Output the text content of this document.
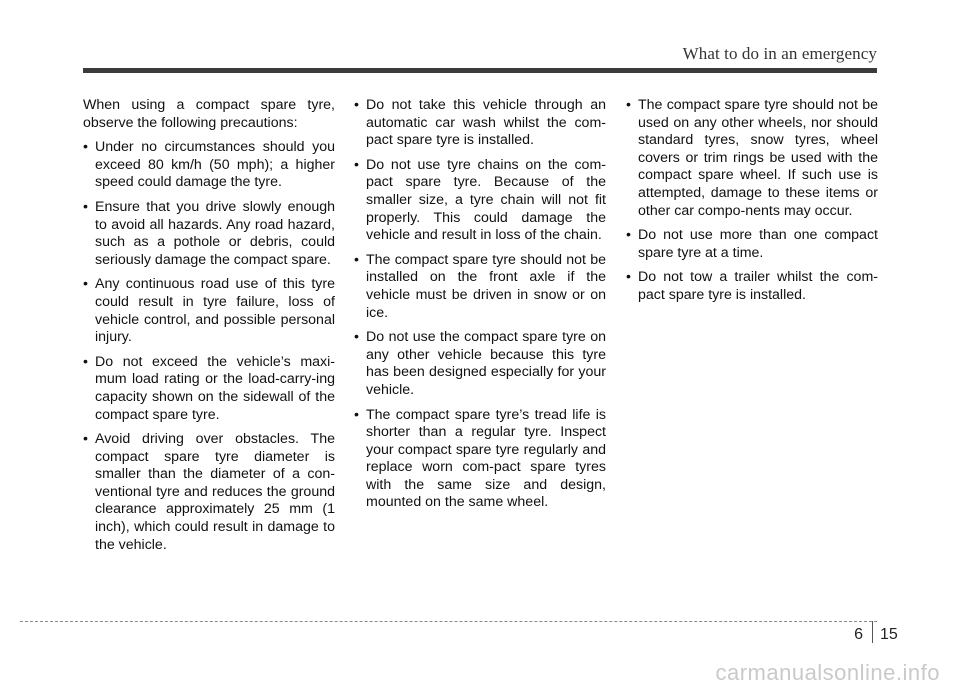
What to do in an emergency

When using a compact spare tyre, observe the following precautions:

• Under no circumstances should you exceed 80 km/h (50 mph); a higher speed could damage the tyre.
• Ensure that you drive slowly enough to avoid all hazards. Any road hazard, such as a pothole or debris, could seriously damage the compact spare.
• Any continuous road use of this tyre could result in tyre failure, loss of vehicle control, and possible personal injury.
• Do not exceed the vehicle’s maxi-mum load rating or the load-carry-ing capacity shown on the sidewall of the compact spare tyre.
• Avoid driving over obstacles. The compact spare tyre diameter is smaller than the diameter of a con-ventional tyre and reduces the ground clearance approximately 25 mm (1 inch), which could result in damage to the vehicle.
• Do not take this vehicle through an automatic car wash whilst the com-pact spare tyre is installed.
• Do not use tyre chains on the com-pact spare tyre. Because of the smaller size, a tyre chain will not fit properly. This could damage the vehicle and result in loss of the chain.
• The compact spare tyre should not be installed on the front axle if the vehicle must be driven in snow or on ice.
• Do not use the compact spare tyre on any other vehicle because this tyre has been designed especially for your vehicle.
• The compact spare tyre’s tread life is shorter than a regular tyre. Inspect your compact spare tyre regularly and replace worn com-pact spare tyres with the same size and design, mounted on the same wheel.
• The compact spare tyre should not be used on any other wheels, nor should standard tyres, snow tyres, wheel covers or trim rings be used with the compact spare wheel. If such use is attempted, damage to these items or other car compo-nents may occur.
• Do not use more than one compact spare tyre at a time.
• Do not tow a trailer whilst the com-pact spare tyre is installed.
6 15
carmanualsonline.info
